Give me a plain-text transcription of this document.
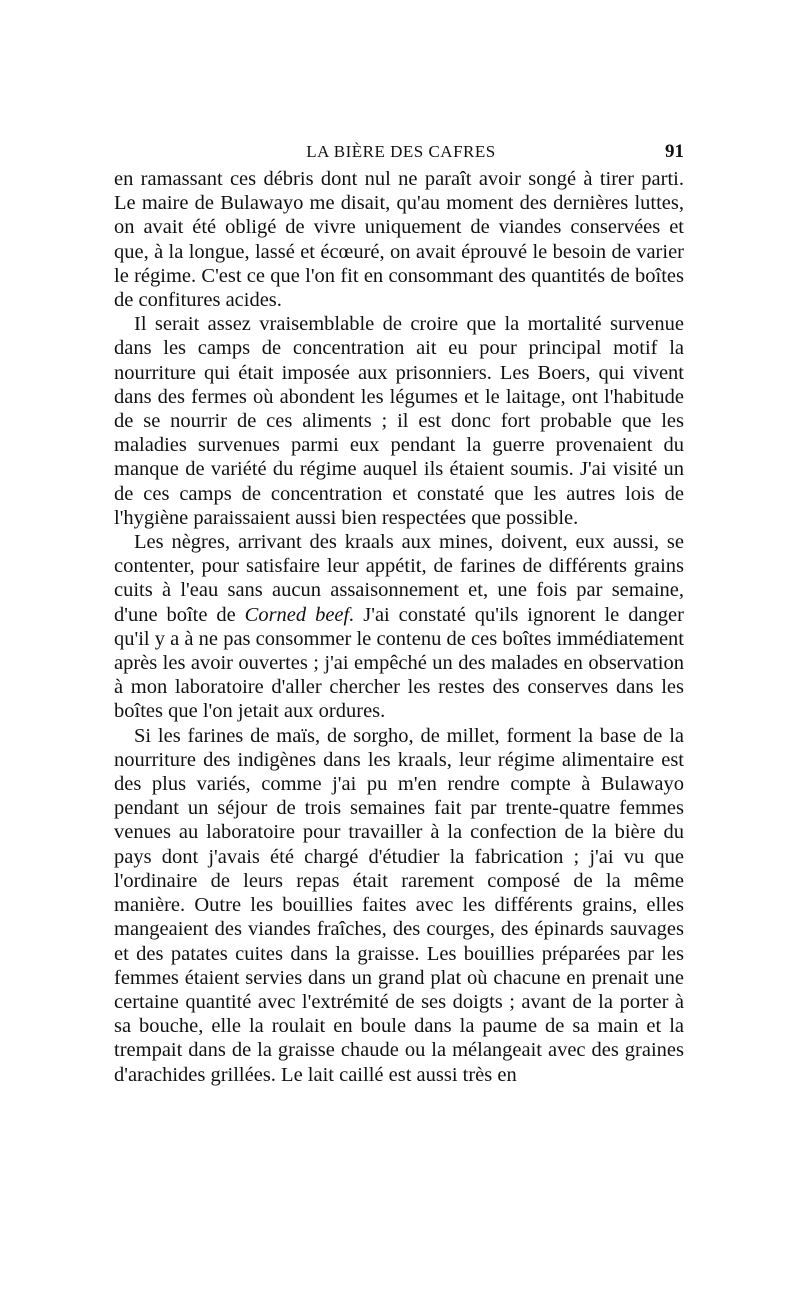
LA BIÈRE DES CAFRES	91

en ramassant ces débris dont nul ne paraît avoir songé à tirer parti. Le maire de Bulawayo me disait, qu'au moment des dernières luttes, on avait été obligé de vivre uniquement de viandes conservées et que, à la longue, lassé et écœuré, on avait éprouvé le besoin de varier le régime. C'est ce que l'on fit en consommant des quantités de boîtes de confitures acides.

Il serait assez vraisemblable de croire que la mortalité survenue dans les camps de concentration ait eu pour principal motif la nourriture qui était imposée aux prisonniers. Les Boers, qui vivent dans des fermes où abondent les légumes et le laitage, ont l'habitude de se nourrir de ces aliments ; il est donc fort probable que les maladies survenues parmi eux pendant la guerre provenaient du manque de variété du régime auquel ils étaient soumis. J'ai visité un de ces camps de concentration et constaté que les autres lois de l'hygiène paraissaient aussi bien respectées que possible.

Les nègres, arrivant des kraals aux mines, doivent, eux aussi, se contenter, pour satisfaire leur appétit, de farines de différents grains cuits à l'eau sans aucun assaisonnement et, une fois par semaine, d'une boîte de Corned beef. J'ai constaté qu'ils ignorent le danger qu'il y a à ne pas consommer le contenu de ces boîtes immédiatement après les avoir ouvertes ; j'ai empêché un des malades en observation à mon laboratoire d'aller chercher les restes des conserves dans les boîtes que l'on jetait aux ordures.

Si les farines de maïs, de sorgho, de millet, forment la base de la nourriture des indigènes dans les kraals, leur régime alimentaire est des plus variés, comme j'ai pu m'en rendre compte à Bulawayo pendant un séjour de trois semaines fait par trente-quatre femmes venues au laboratoire pour travailler à la confection de la bière du pays dont j'avais été chargé d'étudier la fabrication ; j'ai vu que l'ordinaire de leurs repas était rarement composé de la même manière. Outre les bouillies faites avec les différents grains, elles mangeaient des viandes fraîches, des courges, des épinards sauvages et des patates cuites dans la graisse. Les bouillies préparées par les femmes étaient servies dans un grand plat où chacune en prenait une certaine quantité avec l'extrémité de ses doigts ; avant de la porter à sa bouche, elle la roulait en boule dans la paume de sa main et la trempait dans de la graisse chaude ou la mélangeait avec des graines d'arachides grillées. Le lait caillé est aussi très en
